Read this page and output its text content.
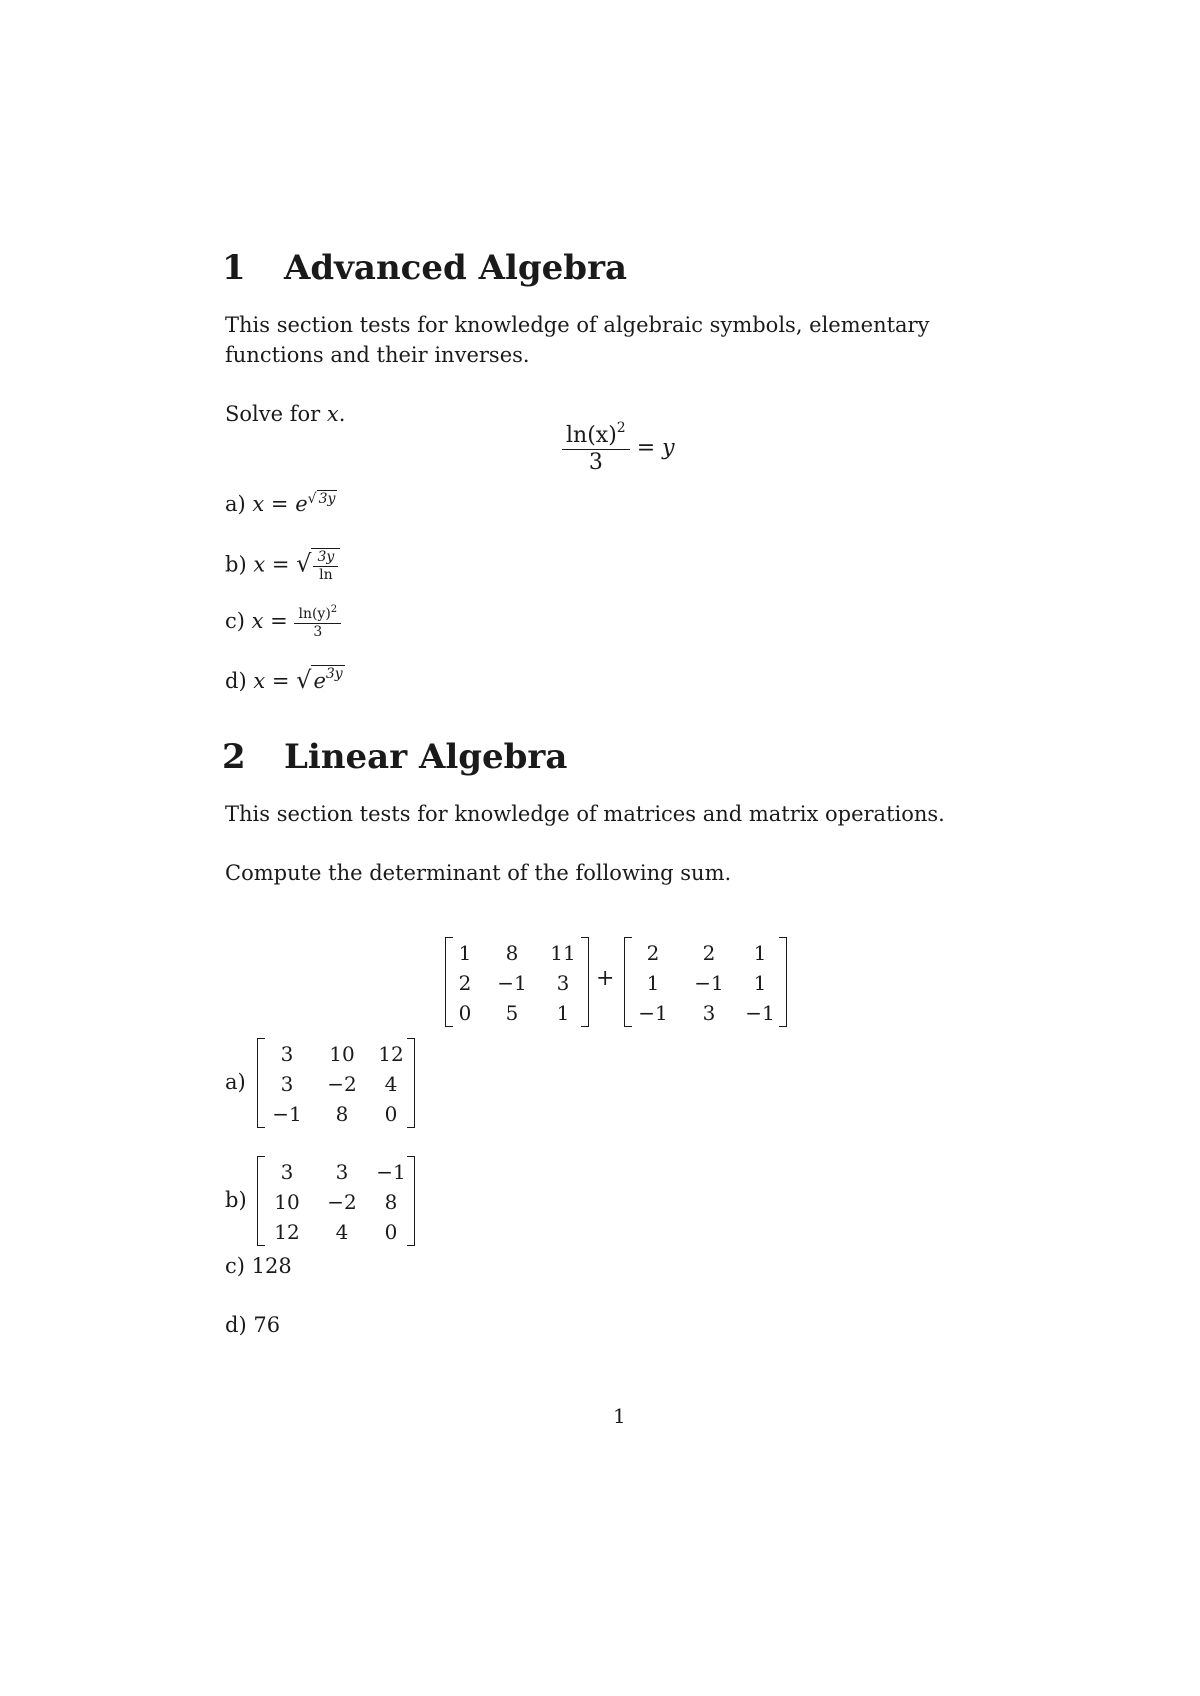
1 Advanced Algebra
This section tests for knowledge of algebraic symbols, elementary functions and their inverses.
Solve for x.
$\frac{\ln(x)^2}{3} = y$
a) $x = e^{√ 3y}$
b) x = √ $\frac{3y}{\ln}$
c) $x = \frac{\ln(y)^2}{3}$
d) $x = √e^{3y}$
2 Linear Algebra
This section tests for knowledge of matrices and matrix operations.
Compute the determinant of the following sum.
1	8	11
2	−1	3
0	5	1
+
2	2	1
1	−1	1
−1	3	−1
a)
3	10	12
3	−2	4
−1	8	0
b)
3	3	−1
10	−2	8
12	4	0
c) 128
d) 76
1
